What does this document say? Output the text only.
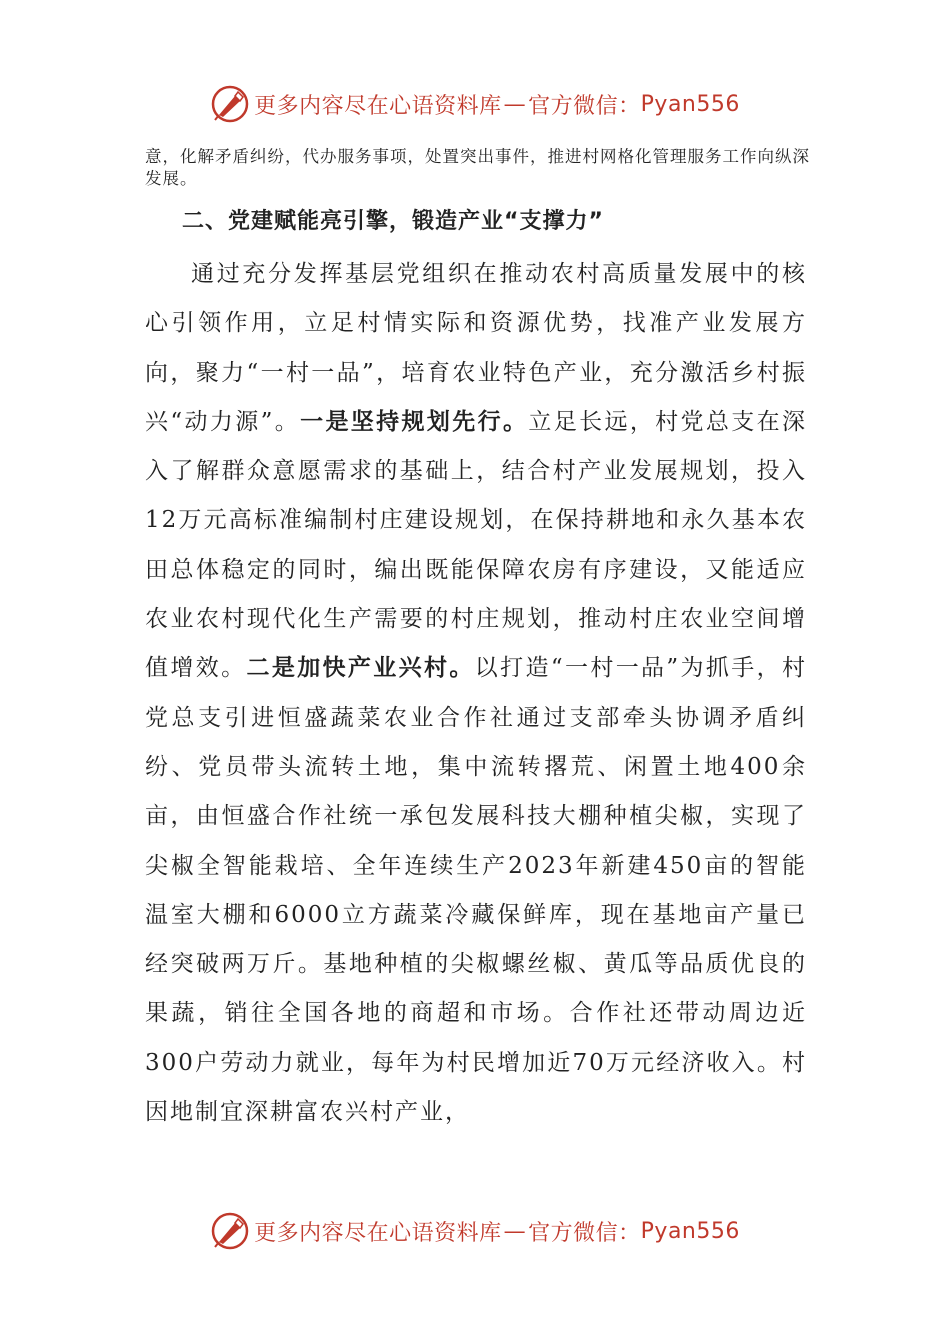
更多内容尽在心语资料库 — 官方微信： Pyan556

意，化解矛盾纠纷，代办服务事项，处置突出事件，推进村网格化管理服务工作向纵深发展。

二、党建赋能亮引擎，锻造产业“支撑力”

通过充分发挥基层党组织在推动农村高质量发展中的核心引领作用，立足村情实际和资源优势，找准产业发展方向，聚力“一村一品”，培育农业特色产业，充分激活乡村振兴“动力源”。一是坚持规划先行。立足长远，村党总支在深入了解群众意愿需求的基础上，结合村产业发展规划，投入12万元高标准编制村庄建设规划，在保持耕地和永久基本农田总体稳定的同时，编出既能保障农房有序建设，又能适应农业农村现代化生产需要的村庄规划，推动村庄农业空间增值增效。二是加快产业兴村。以打造“一村一品”为抓手，村党总支引进恒盛蔬菜农业合作社通过支部牵头协调矛盾纠纷、党员带头流转土地，集中流转撂荒、闲置土地400余亩，由恒盛合作社统一承包发展科技大棚种植尖椒，实现了尖椒全智能栽培、全年连续生产2023年新建450亩的智能温室大棚和6000立方蔬菜冷藏保鲜库，现在基地亩产量已经突破两万斤。基地种植的尖椒螺丝椒、黄瓜等品质优良的果蔬，销往全国各地的商超和市场。合作社还带动周边近300户劳动力就业，每年为村民增加近70万元经济收入。村因地制宜深耕富农兴村产业，

更多内容尽在心语资料库 — 官方微信： Pyan556
